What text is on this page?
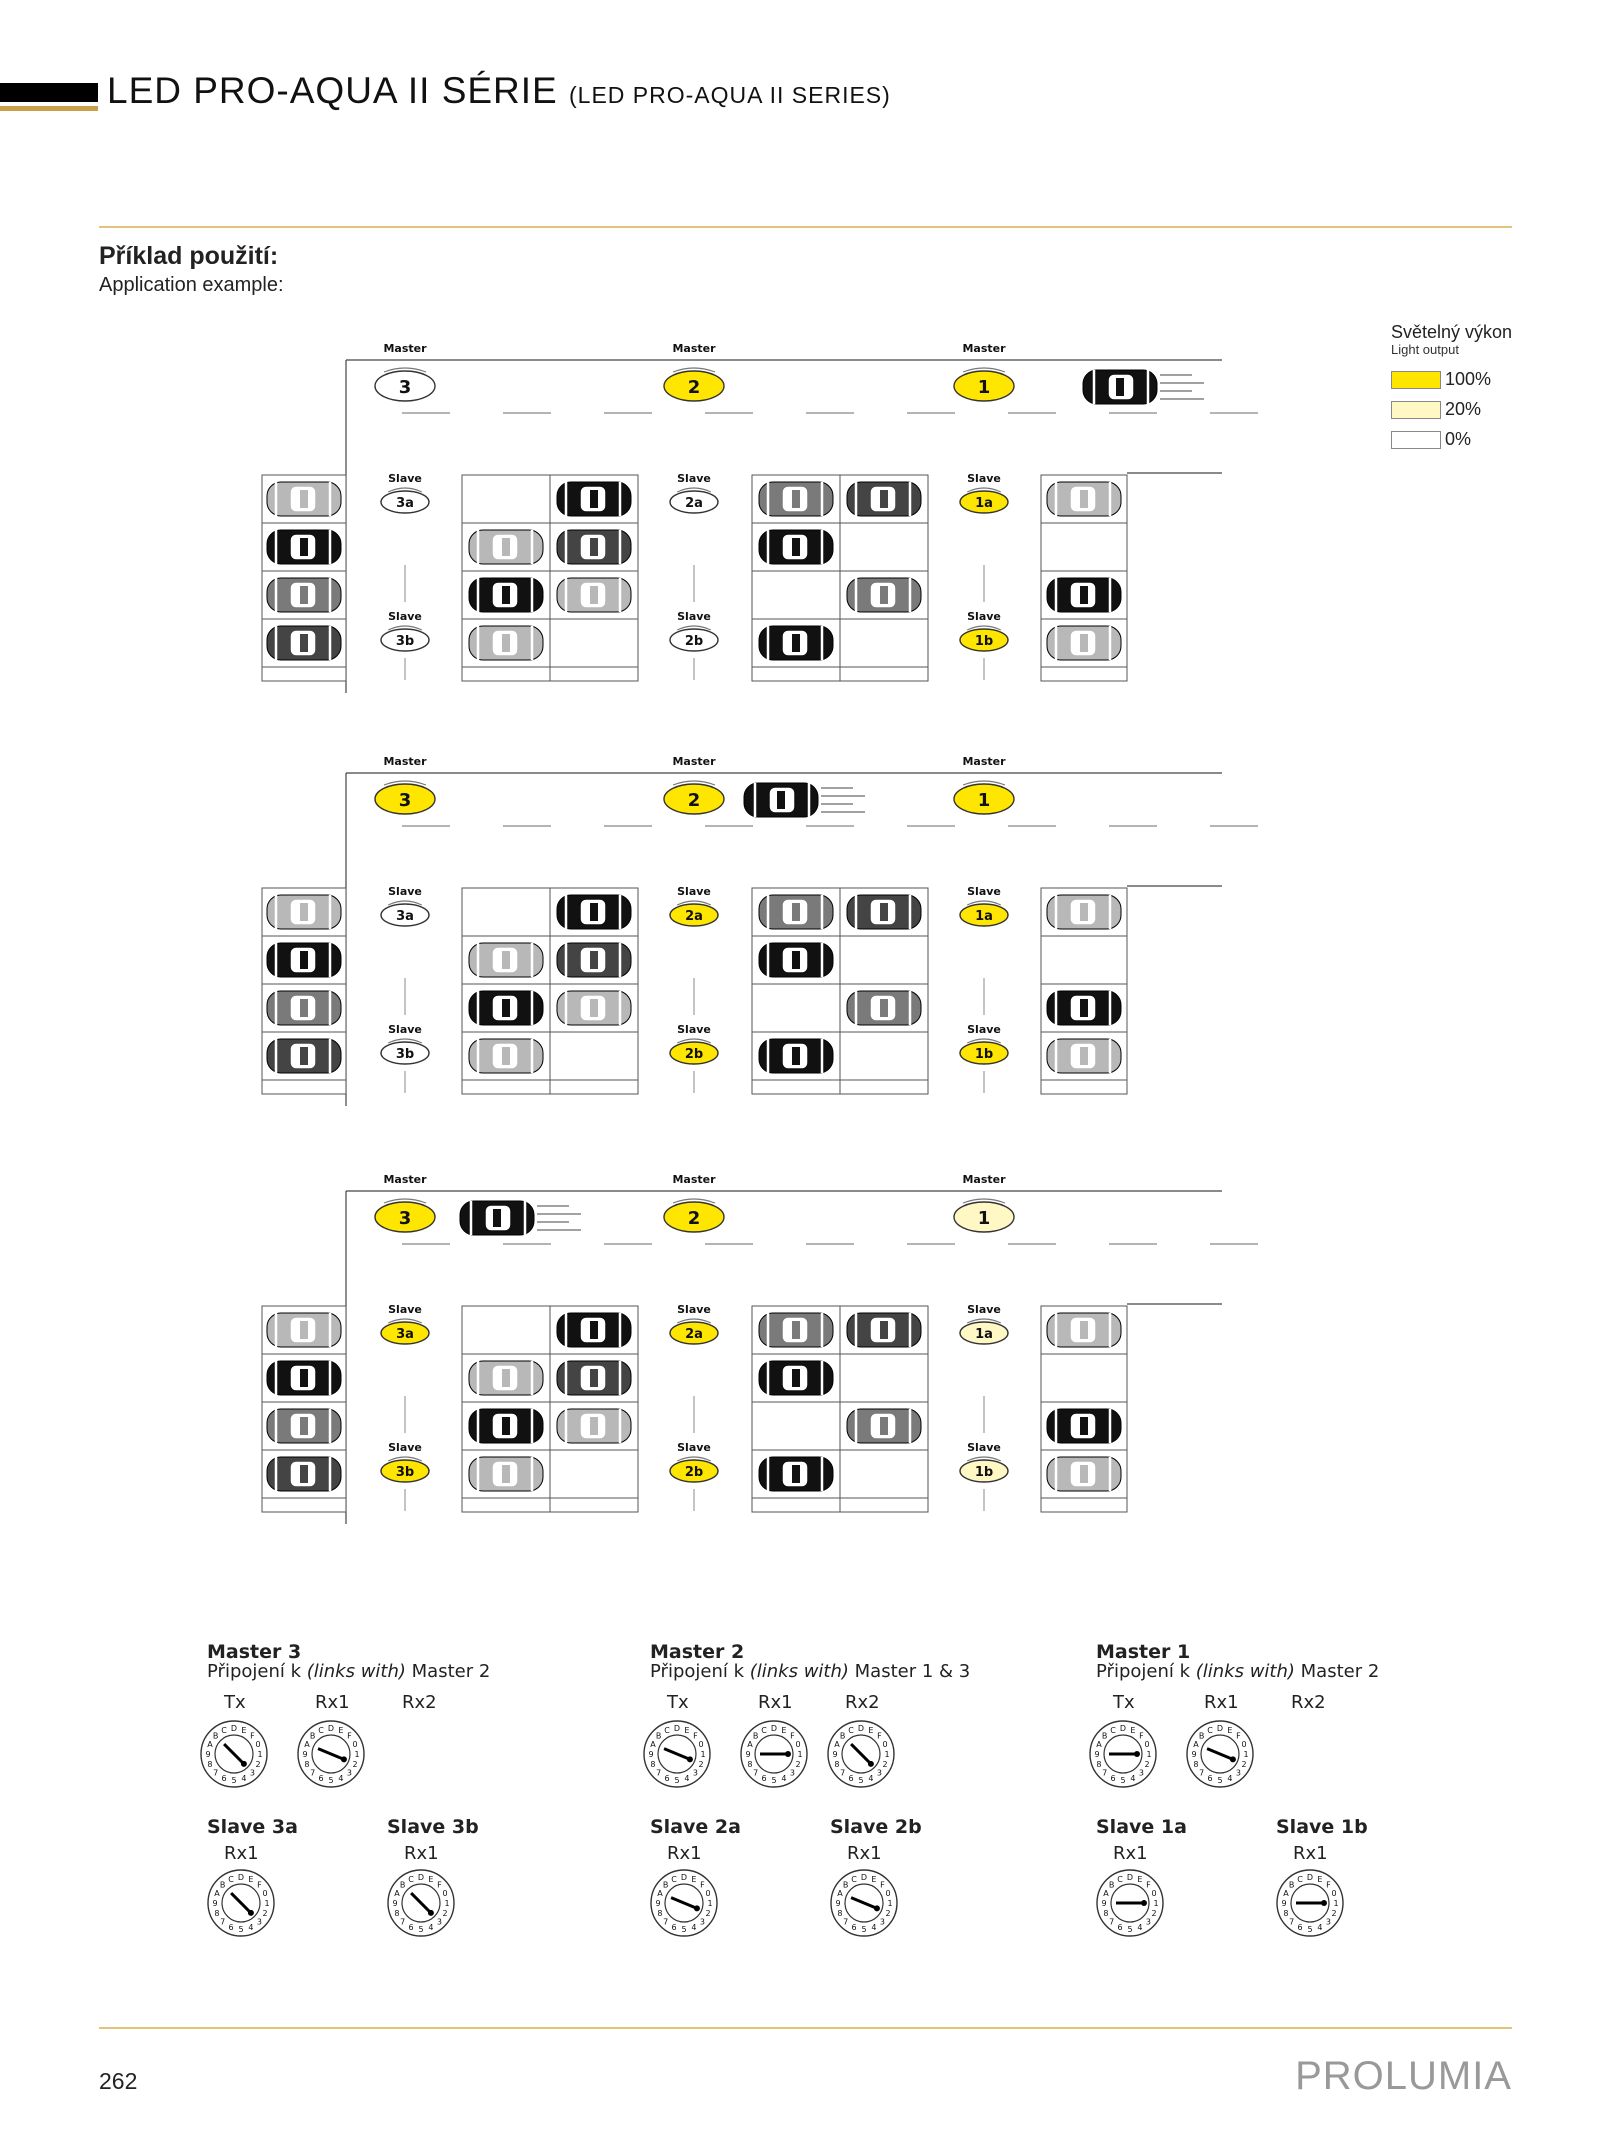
LED PRO-AQUA II SÉRIE (LED PRO-AQUA II SERIES)
Příklad použití:
Application example:
Světelný výkon
Light output
100%
20%
0%
Master
3
Master
2
Master
1
Slave
3a
Slave
3b
Slave
2a
Slave
2b
Slave
1a
Slave
1b
Master
3
Master
2
Master
1
Slave
3a
Slave
3b
Slave
2a
Slave
2b
Slave
1a
Slave
1b
Master
3
Master
2
Master
1
Slave
3a
Slave
3b
Slave
2a
Slave
2b
Slave
1a
Slave
1b
Master 3
Připojení k (links with) Master 2
Tx	Rx1	Rx2
1
2
3
4
5
6
7
8
9
A
B
C D E
F
0
1
2
3
4
5
6
7
8
9
A
B
C D E
F
0
Master 2
Připojení k (links with) Master 1 & 3
Tx	Rx1	Rx2
1
2
3
4
5
6
7
8
9
A
B
C D E
F
0
1
2
3
4
5
6
7
8
9
A
B
C D E
F
0
1
2
3
4
5
6
7
8
9
A
B
C D E
F
0
Master 1
Připojení k (links with) Master 2
Tx	Rx1	Rx2
1
2
3
4
5
6
7
8
9
A
B
C D E
F
0
1
2
3
4
5
6
7
8
9
A
B
C D E
F
0
Slave 3a
Rx1
1
2
3
4
5
6
7
8
9
A
B
C D E
F
0
Slave 3b
Rx1
1
2
3
4
5
6
7
8
9
A
B
C D E
F
0
Slave 2a
Rx1
1
2
3
4
5
6
7
8
9
A
B
C D E
F
0
Slave 2b
Rx1
1
2
3
4
5
6
7
8
9
A
B
C D E
F
0
Slave 1a
Rx1
1
2
3
4
5
6
7
8
9
A
B
C D E
F
0
Slave 1b
Rx1
1
2
3
4
5
6
7
8
9
A
B
C D E
F
0
262	PROLUMIA
